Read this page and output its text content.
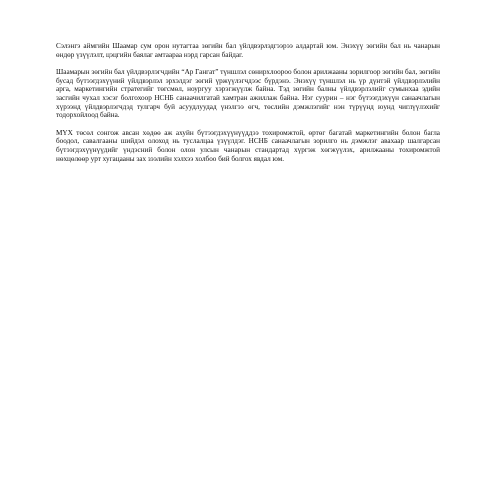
Сэлэнгэ аймгийн Шаамар сум орон нутагтаа зөгийн бал үйлдвэрлэдгээрээ алдартай юм. Энэхүү зөгийн бал нь чанарын өндөр үзүүлэлт, цэцгийн баялаг амтаараа нэрд гарсан байдаг.

Шаамарын зөгийн бал үйлдвэрлэгчдийн “Ар Гангат” түншлэл сөнирхлоороо болон арилжааны зорилгоор зөгийн бал, зөгийн бусад бүтээгдэхүүний үйлдвэрлэл эрхэлдэг зөгий үржүүлэгчдээс бүрдэнэ. Энэхүү түншлэл нь үр дүнтэй үйлдвэрлэлийн арга, маркетингийн стратегийг төгсмөл, ноургуу хэрэгжүүлж байна. Тэд зөгийн балны үйлдвэрлэлийг сумынхаа эдийн засгийн чухал хэсэг болгохоор НСНБ санаачилгатай хамтран ажиллаж байна. Нэг суурин – нэг бүтээгдэхүүн санаачлагын хүрээнд үйлдвэрлэгчдэд тулгарч буй асуудлуудад үнэлгээ өгч, төслийн дэмжлэгийг нэн түрүүнд юунд чиглүүлэхийг тодорхойлоод байна.

МҮХ төсөл сонгож авсан хөдөө аж ахуйн бүтээгдэхүүнүүддээ тохиромжтой, өртөг багатай маркетингийн болон багла боодол, савалгааны шийдэл олоход нь туслалцаа үзүүлдэг. НСНБ санаачлагын зорилго нь дэмжлэг авахаар шалгарсан бүтээгдэхүүнүүдийг үндэсний болон олон улсын чанарын стандартад хүргэж хөгжүүлэх, арилжааны тохиромжтой нөхцөлөөр урт хугацааны зах зээлийн хэлхээ холбоо бий болгох явдал юм.
